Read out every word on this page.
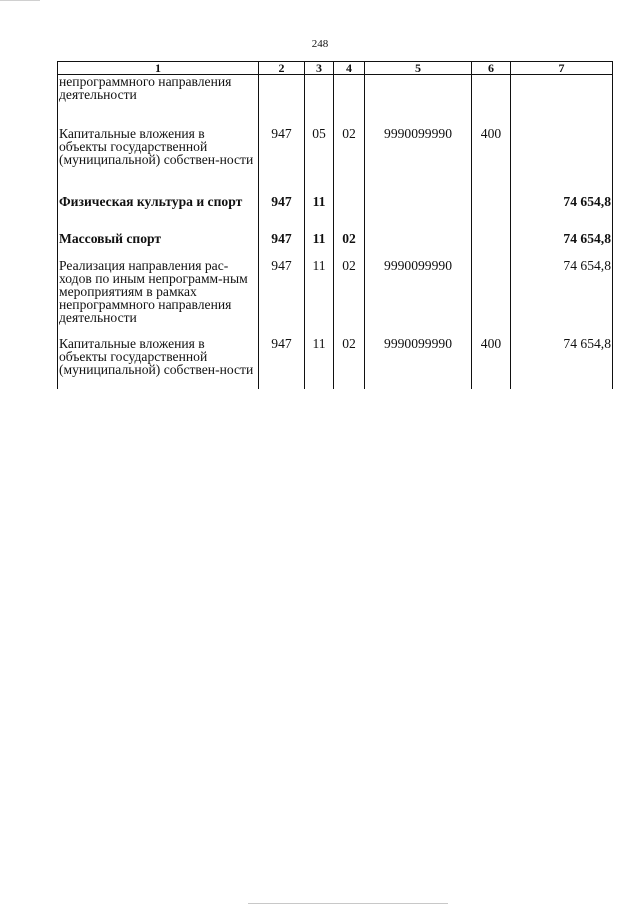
248
1	2	3	4	5	6	7
непрограммного направления деятельности						
Капитальные вложения в объекты государственной (муниципальной) собствен-ности	947	05	02	9990099990	400	
Физическая культура и спорт	947	11				74 654,8
Массовый спорт	947	11	02			74 654,8
Реализация направления рас-ходов по иным непрограмм-ным мероприятиям в рамках непрограммного направления деятельности	947	11	02	9990099990		74 654,8
Капитальные вложения в объекты государственной (муниципальной) собствен-ности	947	11	02	9990099990	400	74 654,8
